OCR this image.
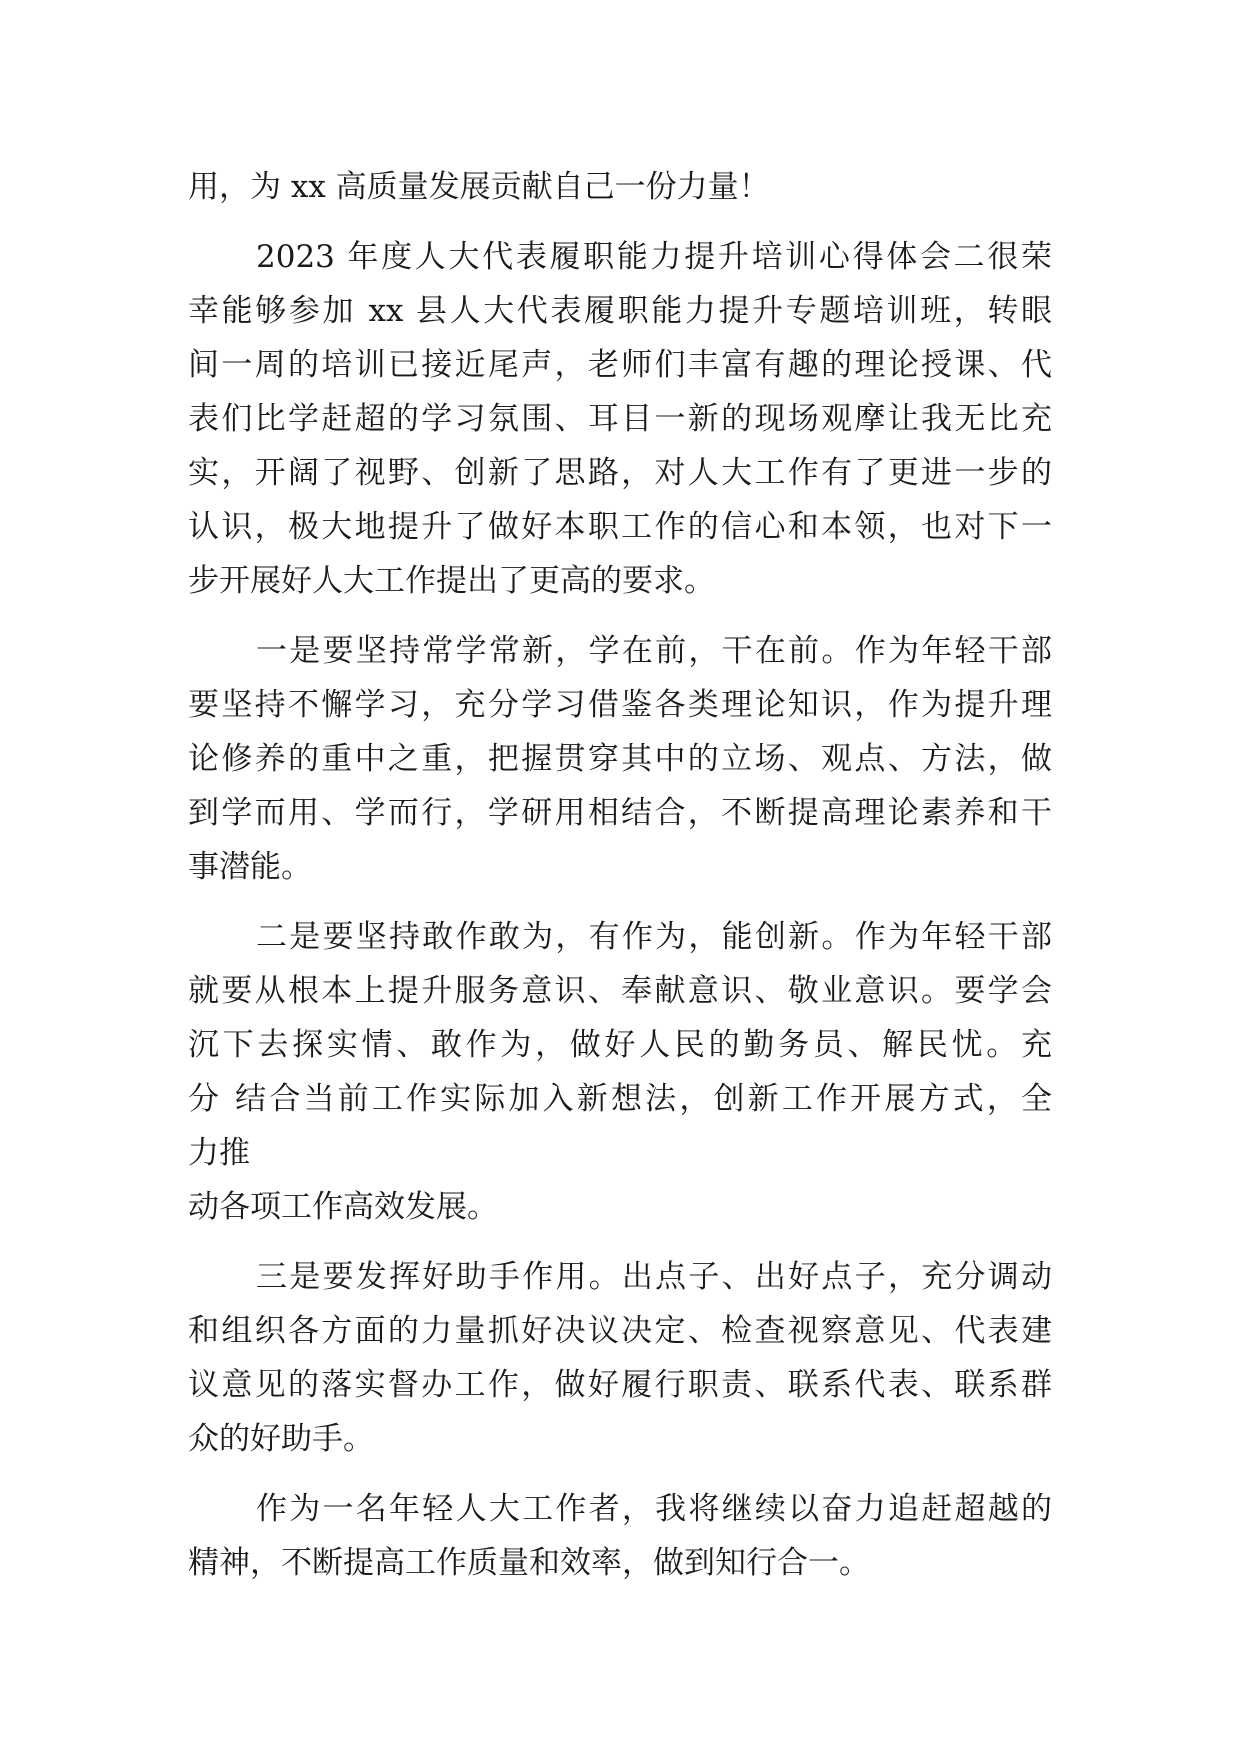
用，为 xx 高质量发展贡献自己一份力量！
2023 年度人大代表履职能力提升培训心得体会二很荣
幸能够参加 xx 县人大代表履职能力提升专题培训班，转眼
间一周的培训已接近尾声，老师们丰富有趣的理论授课、代
表们比学赶超的学习氛围、耳目一新的现场观摩让我无比充
实，开阔了视野、创新了思路，对人大工作有了更进一步的
认识，极大地提升了做好本职工作的信心和本领，也对下一
步开展好人大工作提出了更高的要求。
一是要坚持常学常新，学在前，干在前。作为年轻干部
要坚持不懈学习，充分学习借鉴各类理论知识，作为提升理
论修养的重中之重，把握贯穿其中的立场、观点、方法，做
到学而用、学而行，学研用相结合，不断提高理论素养和干
事潜能。
二是要坚持敢作敢为，有作为，能创新。作为年轻干部
就要从根本上提升服务意识、奉献意识、敬业意识。要学会
沉下去探实情、敢作为，做好人民的勤务员、解民忧。充
分 结合当前工作实际加入新想法，创新工作开展方式，全
力推
动各项工作高效发展。
三是要发挥好助手作用。出点子、出好点子，充分调动
和组织各方面的力量抓好决议决定、检查视察意见、代表建
议意见的落实督办工作，做好履行职责、联系代表、联系群
众的好助手。
作为一名年轻人大工作者，我将继续以奋力追赶超越的
精神，不断提高工作质量和效率，做到知行合一。
